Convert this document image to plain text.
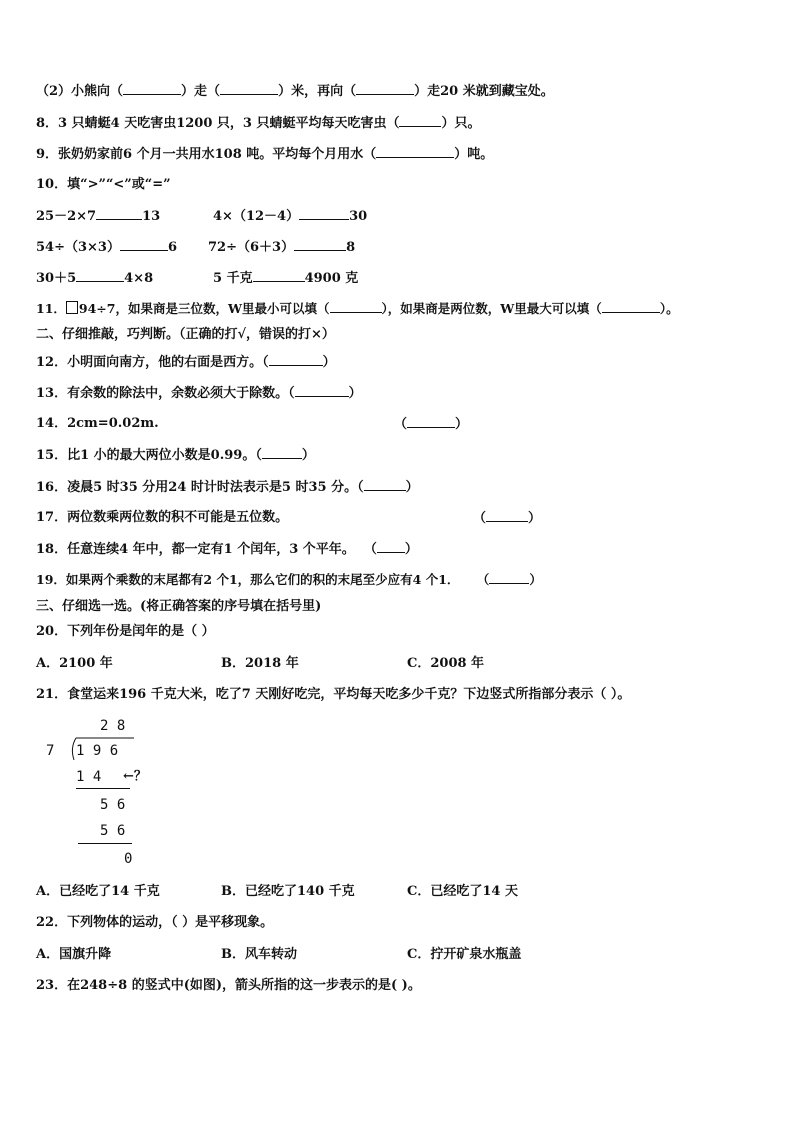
（2）小熊向（	）走（	）米，再向（	）走20 米就到藏宝处。
8．3 只蜻蜓4 天吃害虫1200 只，3 只蜻蜓平均每天吃害虫（	）只。
9．张奶奶家前6 个月一共用水108 吨。平均每个月用水（	）吨。
10．填“>”“<”或“=”
25－2×7	13	4×（12－4）	30
54÷（3×3）	6 72÷（6＋3）	8
30＋5	4×8	5 千克	4900 克
11． 94÷7，如果商是三位数，W里最小可以填（	），如果商是两位数，W里最大可以填（	）。
二、仔细推敲，巧判断。（正确的打√，错误的打×）
12．小明面向南方，他的右面是西方。（	）
13．有余数的除法中，余数必须大于除数。（	）
14．2cm=0.02m.	（	）
15．比1 小的最大两位小数是0.99。（	）
16．凌晨5 时35 分用24 时计时法表示是5 时35 分。（	）
17．两位数乘两位数的积不可能是五位数。	（	）
18．任意连续4 年中，都一定有1 个闰年，3 个平年。  （ ）
19．如果两个乘数的末尾都有2 个1，那么它们的积的末尾至少应有4 个1．    （	）
三、仔细选一选。(将正确答案的序号填在括号里)
20．下列年份是闰年的是（ ）
A．2100 年	B．2018 年	C．2008 年
21．食堂运来196 千克大米，吃了7 天刚好吃完，平均每天吃多少千克？下边竖式所指部分表示（ ）。
2 8
7 1 9 6
1 4 ←？
5 6
5 6
0
A．已经吃了14 千克	B．已经吃了140 千克	C．已经吃了14 天
22．下列物体的运动，（ ）是平移现象。
A．国旗升降	B．风车转动	C．拧开矿泉水瓶盖
23．在248÷8 的竖式中(如图)，箭头所指的这一步表示的是( )。
